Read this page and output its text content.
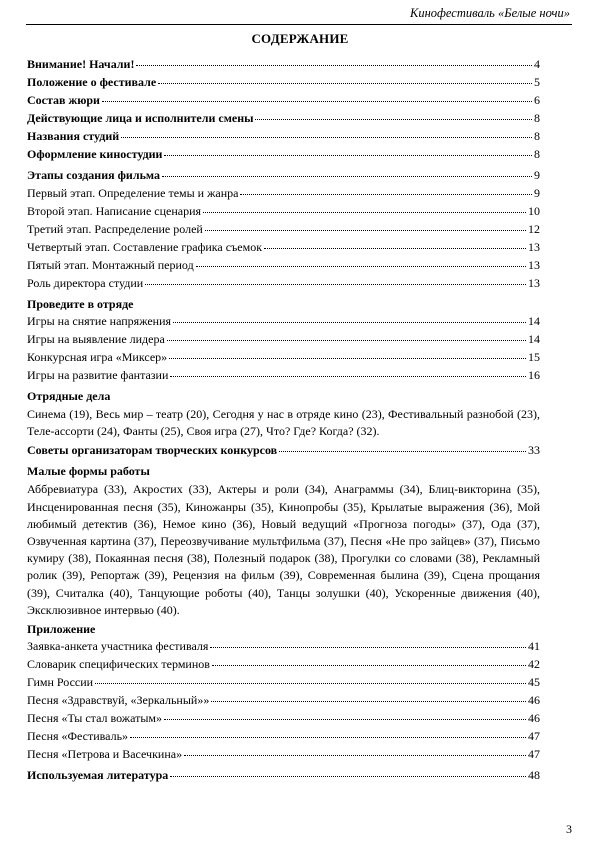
Кинофестиваль «Белые ночи»
СОДЕРЖАНИЕ
Внимание! Начали!	4
Положение о фестивале	5
Состав жюри	6
Действующие лица и исполнители смены	8
Названия студий	8
Оформление киностудии	8
Этапы создания фильма	9
Первый этап. Определение темы и жанра	9
Второй этап. Написание сценария	10
Третий этап. Распределение ролей	12
Четвертый этап. Составление графика съемок	13
Пятый этап. Монтажный период	13
Роль директора студии	13
Проведите в отряде
Игры на снятие напряжения	14
Игры на выявление лидера	14
Конкурсная игра «Миксер»	15
Игры на развитие фантазии	16
Отрядные дела
Синема (19), Весь мир – театр (20), Сегодня у нас в отряде кино (23), Фестивальный разнобой (23), Теле-ассорти (24), Фанты (25), Своя игра (27), Что? Где? Когда? (32).
Советы организаторам творческих конкурсов	33
Малые формы работы
Аббревиатура (33), Акростих (33), Актеры и роли (34), Анаграммы (34), Блиц-викторина (35), Инсценированная песня (35), Киножанры (35), Кинопробы (35), Крылатые выражения (36), Мой любимый детектив (36), Немое кино (36), Новый ведущий «Прогноза погоды» (37), Ода (37), Озвученная картина (37), Переозвучивание мультфильма (37), Песня «Не про зайцев» (37), Письмо кумиру (38), Покаянная песня (38), Полезный подарок (38), Прогулки со словами (38), Рекламный ролик (39), Репортаж (39), Рецензия на фильм (39), Современная былина (39), Сцена прощания (39), Считалка (40), Танцующие роботы (40), Танцы золушки (40), Ускоренные движения (40), Эксклюзивное интервью (40).
Приложение
Заявка-анкета участника фестиваля	41
Словарик специфических терминов	42
Гимн России	45
Песня «Здравствуй, «Зеркальный»»	46
Песня «Ты стал вожатым»	46
Песня «Фестиваль»	47
Песня «Петрова и Васечкина»	47
Используемая литература	48
3
